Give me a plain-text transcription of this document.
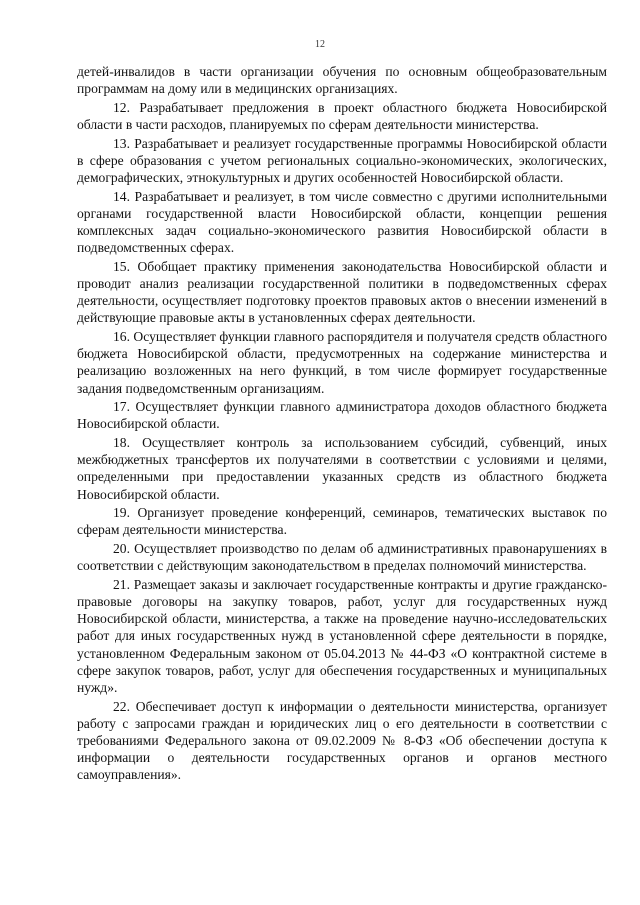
12

детей-инвалидов в части организации обучения по основным общеобразовательным программам на дому или в медицинских организациях.

12. Разрабатывает предложения в проект областного бюджета Новосибирской области в части расходов, планируемых по сферам деятельности министерства.

13. Разрабатывает и реализует государственные программы Новосибирской области в сфере образования с учетом региональных социально-экономических, экологических, демографических, этнокультурных и других особенностей Новосибирской области.

14. Разрабатывает и реализует, в том числе совместно с другими исполнительными органами государственной власти Новосибирской области, концепции решения комплексных задач социально-экономического развития Новосибирской области в подведомственных сферах.

15. Обобщает практику применения законодательства Новосибирской области и проводит анализ реализации государственной политики в подведомственных сферах деятельности, осуществляет подготовку проектов правовых актов о внесении изменений в действующие правовые акты в установленных сферах деятельности.

16. Осуществляет функции главного распорядителя и получателя средств областного бюджета Новосибирской области, предусмотренных на содержание министерства и реализацию возложенных на него функций, в том числе формирует государственные задания подведомственным организациям.

17. Осуществляет функции главного администратора доходов областного бюджета Новосибирской области.

18. Осуществляет контроль за использованием субсидий, субвенций, иных межбюджетных трансфертов их получателями в соответствии с условиями и целями, определенными при предоставлении указанных средств из областного бюджета Новосибирской области.

19. Организует проведение конференций, семинаров, тематических выставок по сферам деятельности министерства.

20. Осуществляет производство по делам об административных правонарушениях в соответствии с действующим законодательством в пределах полномочий министерства.

21. Размещает заказы и заключает государственные контракты и другие гражданско-правовые договоры на закупку товаров, работ, услуг для государственных нужд Новосибирской области, министерства, а также на проведение научно-исследовательских работ для иных государственных нужд в установленной сфере деятельности в порядке, установленном Федеральным законом от 05.04.2013 № 44-ФЗ «О контрактной системе в сфере закупок товаров, работ, услуг для обеспечения государственных и муниципальных нужд».

22. Обеспечивает доступ к информации о деятельности министерства, организует работу с запросами граждан и юридических лиц о его деятельности в соответствии с требованиями Федерального закона от 09.02.2009 № 8-ФЗ «Об обеспечении доступа к информации о деятельности государственных органов и органов местного самоуправления».
